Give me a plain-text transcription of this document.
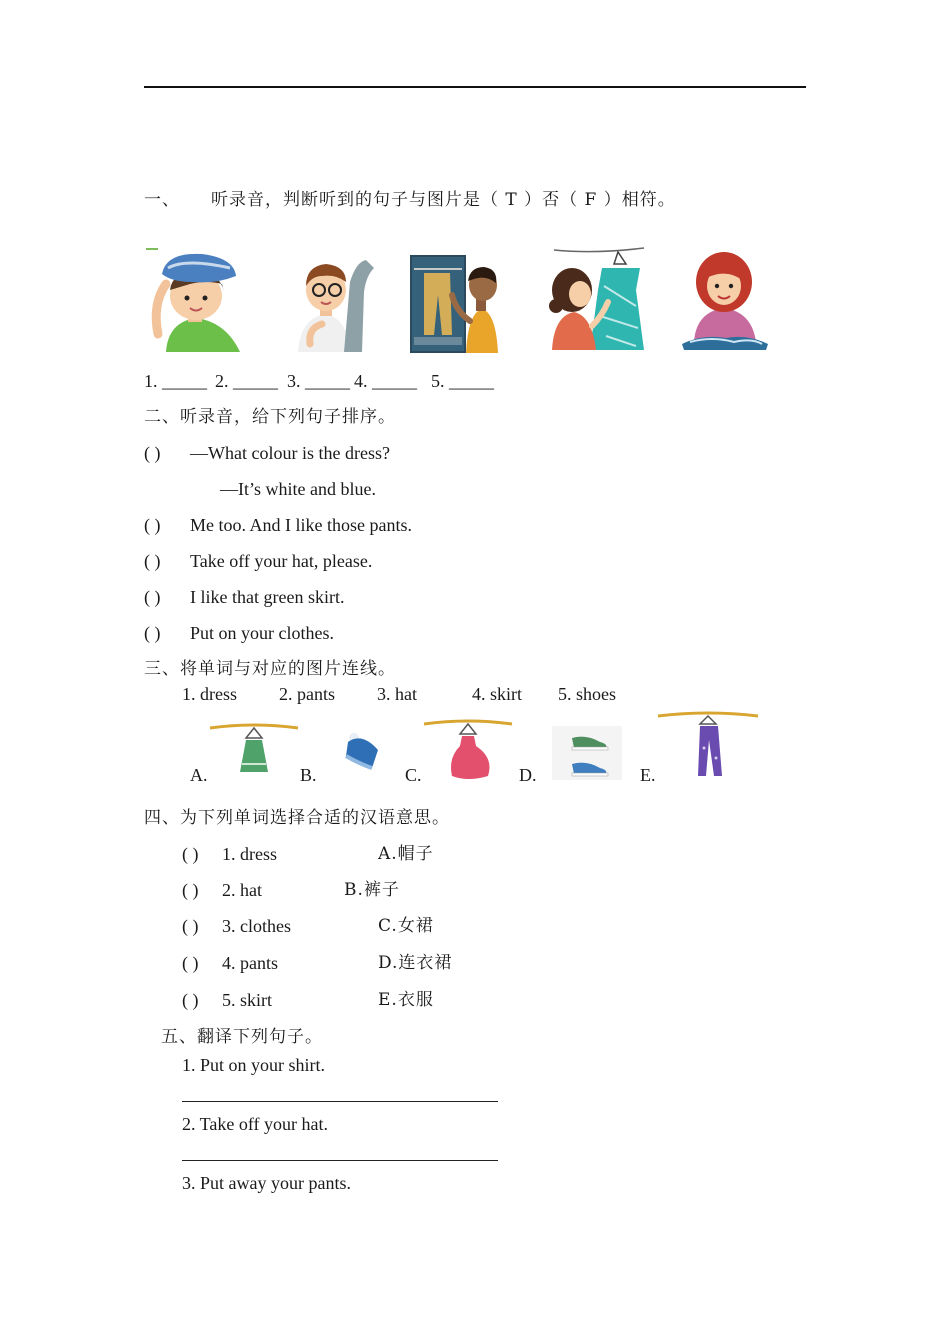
一、 听录音，判断听到的句子与图片是（ T ）否（ F ）相符。
1. _____ 2. _____ 3. _____ 4. _____ 5. _____
二、听录音，给下列句子排序。
( ) —What colour is the dress?
—It’s white and blue.
( ) Me too. And I like those pants.
( ) Take off your hat, please.
( ) I like that green skirt.
( ) Put on your clothes.
三、将单词与对应的图片连线。
1. dress 2. pants 3. hat	4. skirt 5. shoes
A.	B.	C.	D.	E.
四、为下列单词选择合适的汉语意思。
( ) 1. dress	A.帽子
( ) 2. hat	B.裤子
( ) 3. clothes	C.女裙
( ) 4. pants	D.连衣裙
( ) 5. skirt	E.衣服
五、翻译下列句子。
1. Put on your shirt.
2. Take off your hat.
3. Put away your pants.
